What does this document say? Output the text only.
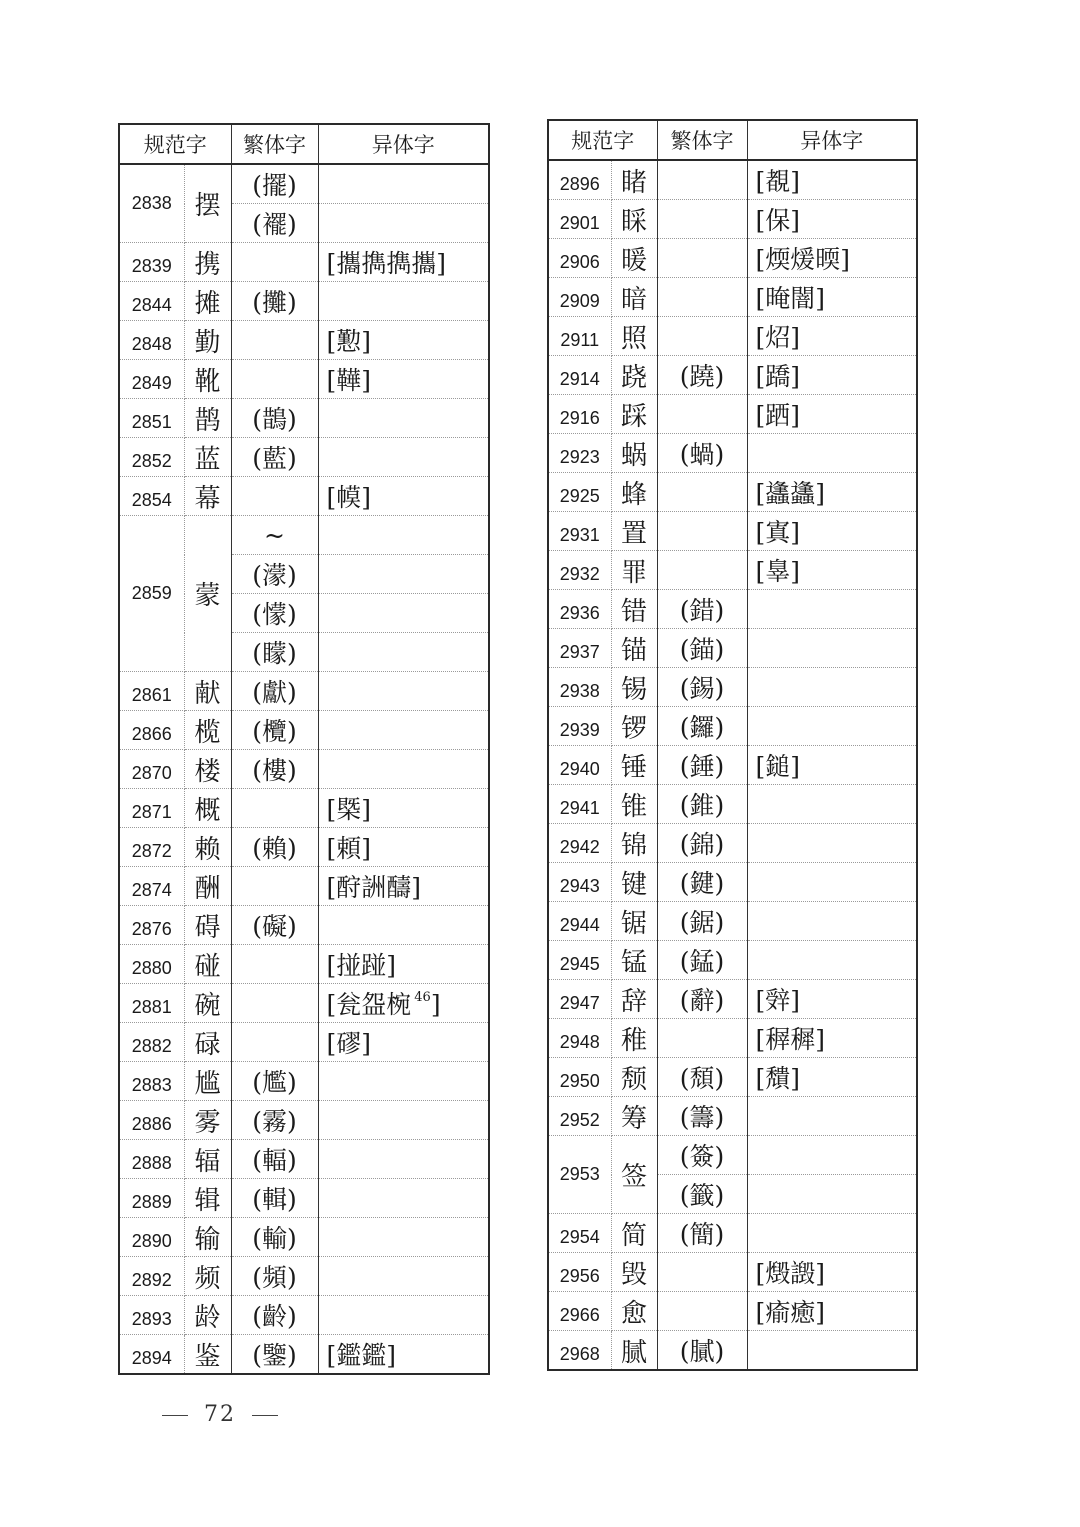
规范字		繁体字	异体字
2838	摆	(擺)	
		(襬)	
2839	携		[攜擕擕攜]
2844	摊	(攤)	
2848	勤		[懃]
2849	靴		[鞾]
2851	鹊	(鵲)	
2852	蓝	(藍)	
2854	幕		[幙]
2859	蒙	~	
		(濛)	
		(懞)	
		(矇)	
2861	献	(獻)	
2866	榄	(欖)	
2870	楼	(樓)	
2871	概		[槩]
2872	赖	(賴)	[頼]
2874	酬		[酧詶醻]
2876	碍	(礙)	
2880	碰		[掽踫]
2881	碗		[瓮盌椀 $^{46}$]
2882	碌		[磟]
2883	尴	(尷)	
2886	雾	(霧)	
2888	辐	(輻)	
2889	辑	(輯)	
2890	输	(輸)	
2892	频	(頻)	
2893	龄	(齡)	
2894	鉴	(鑒)	[鑑鑑]
规范字		繁体字	异体字
2896	睹		[覩]
2901	睬		[保]
2906	暖		[煗煖㬉]
2909	暗		[晻闇]
2911	照		[炤]
2914	跷	(蹺)	[蹻]
2916	踩		[跴]
2923	蜗	(蝸)	
2925	蜂		[蠭蠭]
2931	置		[寘]
2932	罪		[辠]
2936	错	(錯)	
2937	锚	(錨)	
2938	锡	(錫)	
2939	锣	(鑼)	
2940	锤	(錘)	[鎚]
2941	锥	(錐)	
2942	锦	(錦)	
2943	键	(鍵)	
2944	锯	(鋸)	
2945	锰	(錳)	
2947	辞	(辭)	[辤]
2948	稚		[稺穉]
2950	颓	(頹)	[穨]
2952	筹	(籌)	
2953	签	(簽)	
		(籤)	
2954	简	(簡)	
2956	毁		[燬譭]
2966	愈		[瘉癒]
2968	腻	(膩)	
72
